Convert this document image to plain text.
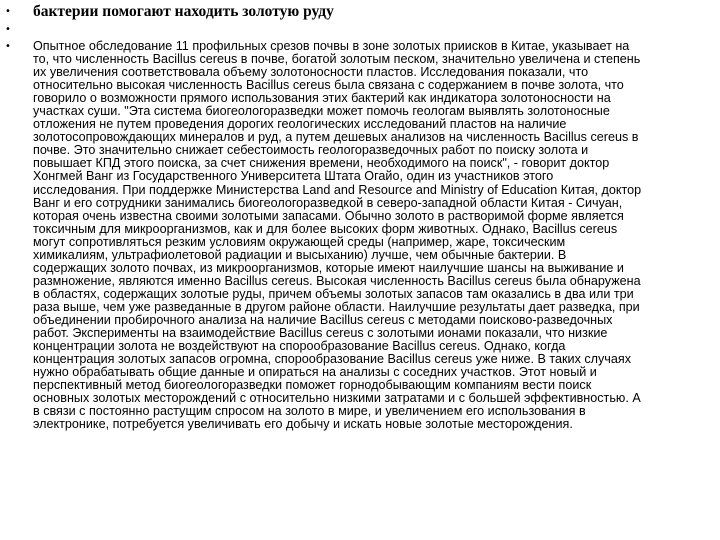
• бактерии помогают находить золотую руду
•
• Опытное обследование 11 профильных срезов почвы в зоне золотых приисков в Китае, указывает на
то, что численность Bacillus cereus в почве, богатой золотым песком, значительно увеличена и степень
их увеличения соответствовала объему золотоносности пластов. Исследования показали, что
относительно высокая численность Bacillus cereus была связана с содержанием в почве золота, что
говорило о возможности прямого использования этих бактерий как индикатора золотоносности на
участках суши. "Эта система биогеологоразведки может помочь геологам выявлять золотоносные
отложения не путем проведения дорогих геологических исследований пластов на наличие
золотосопровождающих минералов и руд, а путем дешевых анализов на численность Bacillus cereus в
почве. Это значительно снижает себестоимость геологоразведочных работ по поиску золота и
повышает КПД этого поиска, за счет снижения времени, необходимого на поиск", - говорит доктор
Хонгмей Ванг из Государственного Университета Штата Огайо, один из участников этого
исследования. При поддержке Министерства Land and Resource and Ministry of Education Китая, доктор
Ванг и его сотрудники занимались биогеологоразведкой в северо-западной области Китая - Сичуан,
которая очень известна своими золотыми запасами. Обычно золото в растворимой форме является
токсичным для микроорганизмов, как и для более высоких форм животных. Однако, Bacillus cereus
могут сопротивляться резким условиям окружающей среды (например, жаре, токсическим
химикалиям, ультрафиолетовой радиации и высыханию) лучше, чем обычные бактерии. В
содержащих золото почвах, из микроорганизмов, которые имеют наилучшие шансы на выживание и
размножение, являются именно Bacillus cereus. Высокая численность Bacillus cereus была обнаружена
в областях, содержащих золотые руды, причем объемы золотых запасов там оказались в два или три
раза выше, чем уже разведанные в другом районе области. Наилучшие результаты дает разведка, при
объединении пробирочного анализа на наличие Bacillus cereus с методами поисково-разведочных
работ. Эксперименты на взаимодействие Bacillus cereus с золотыми ионами показали, что низкие
концентрации золота не воздействуют на спорообразование Bacillus cereus. Однако, когда
концентрация золотых запасов огромна, спорообразование Bacillus cereus уже ниже. В таких случаях
нужно обрабатывать общие данные и опираться на анализы с соседних участков. Этот новый и
перспективный метод биогеологоразведки поможет горнодобывающим компаниям вести поиск
основных золотых месторождений с относительно низкими затратами и с большей эффективностью. А
в связи с постоянно растущим спросом на золото в мире, и увеличением его использования в
электронике, потребуется увеличивать его добычу и искать новые золотые месторождения.
